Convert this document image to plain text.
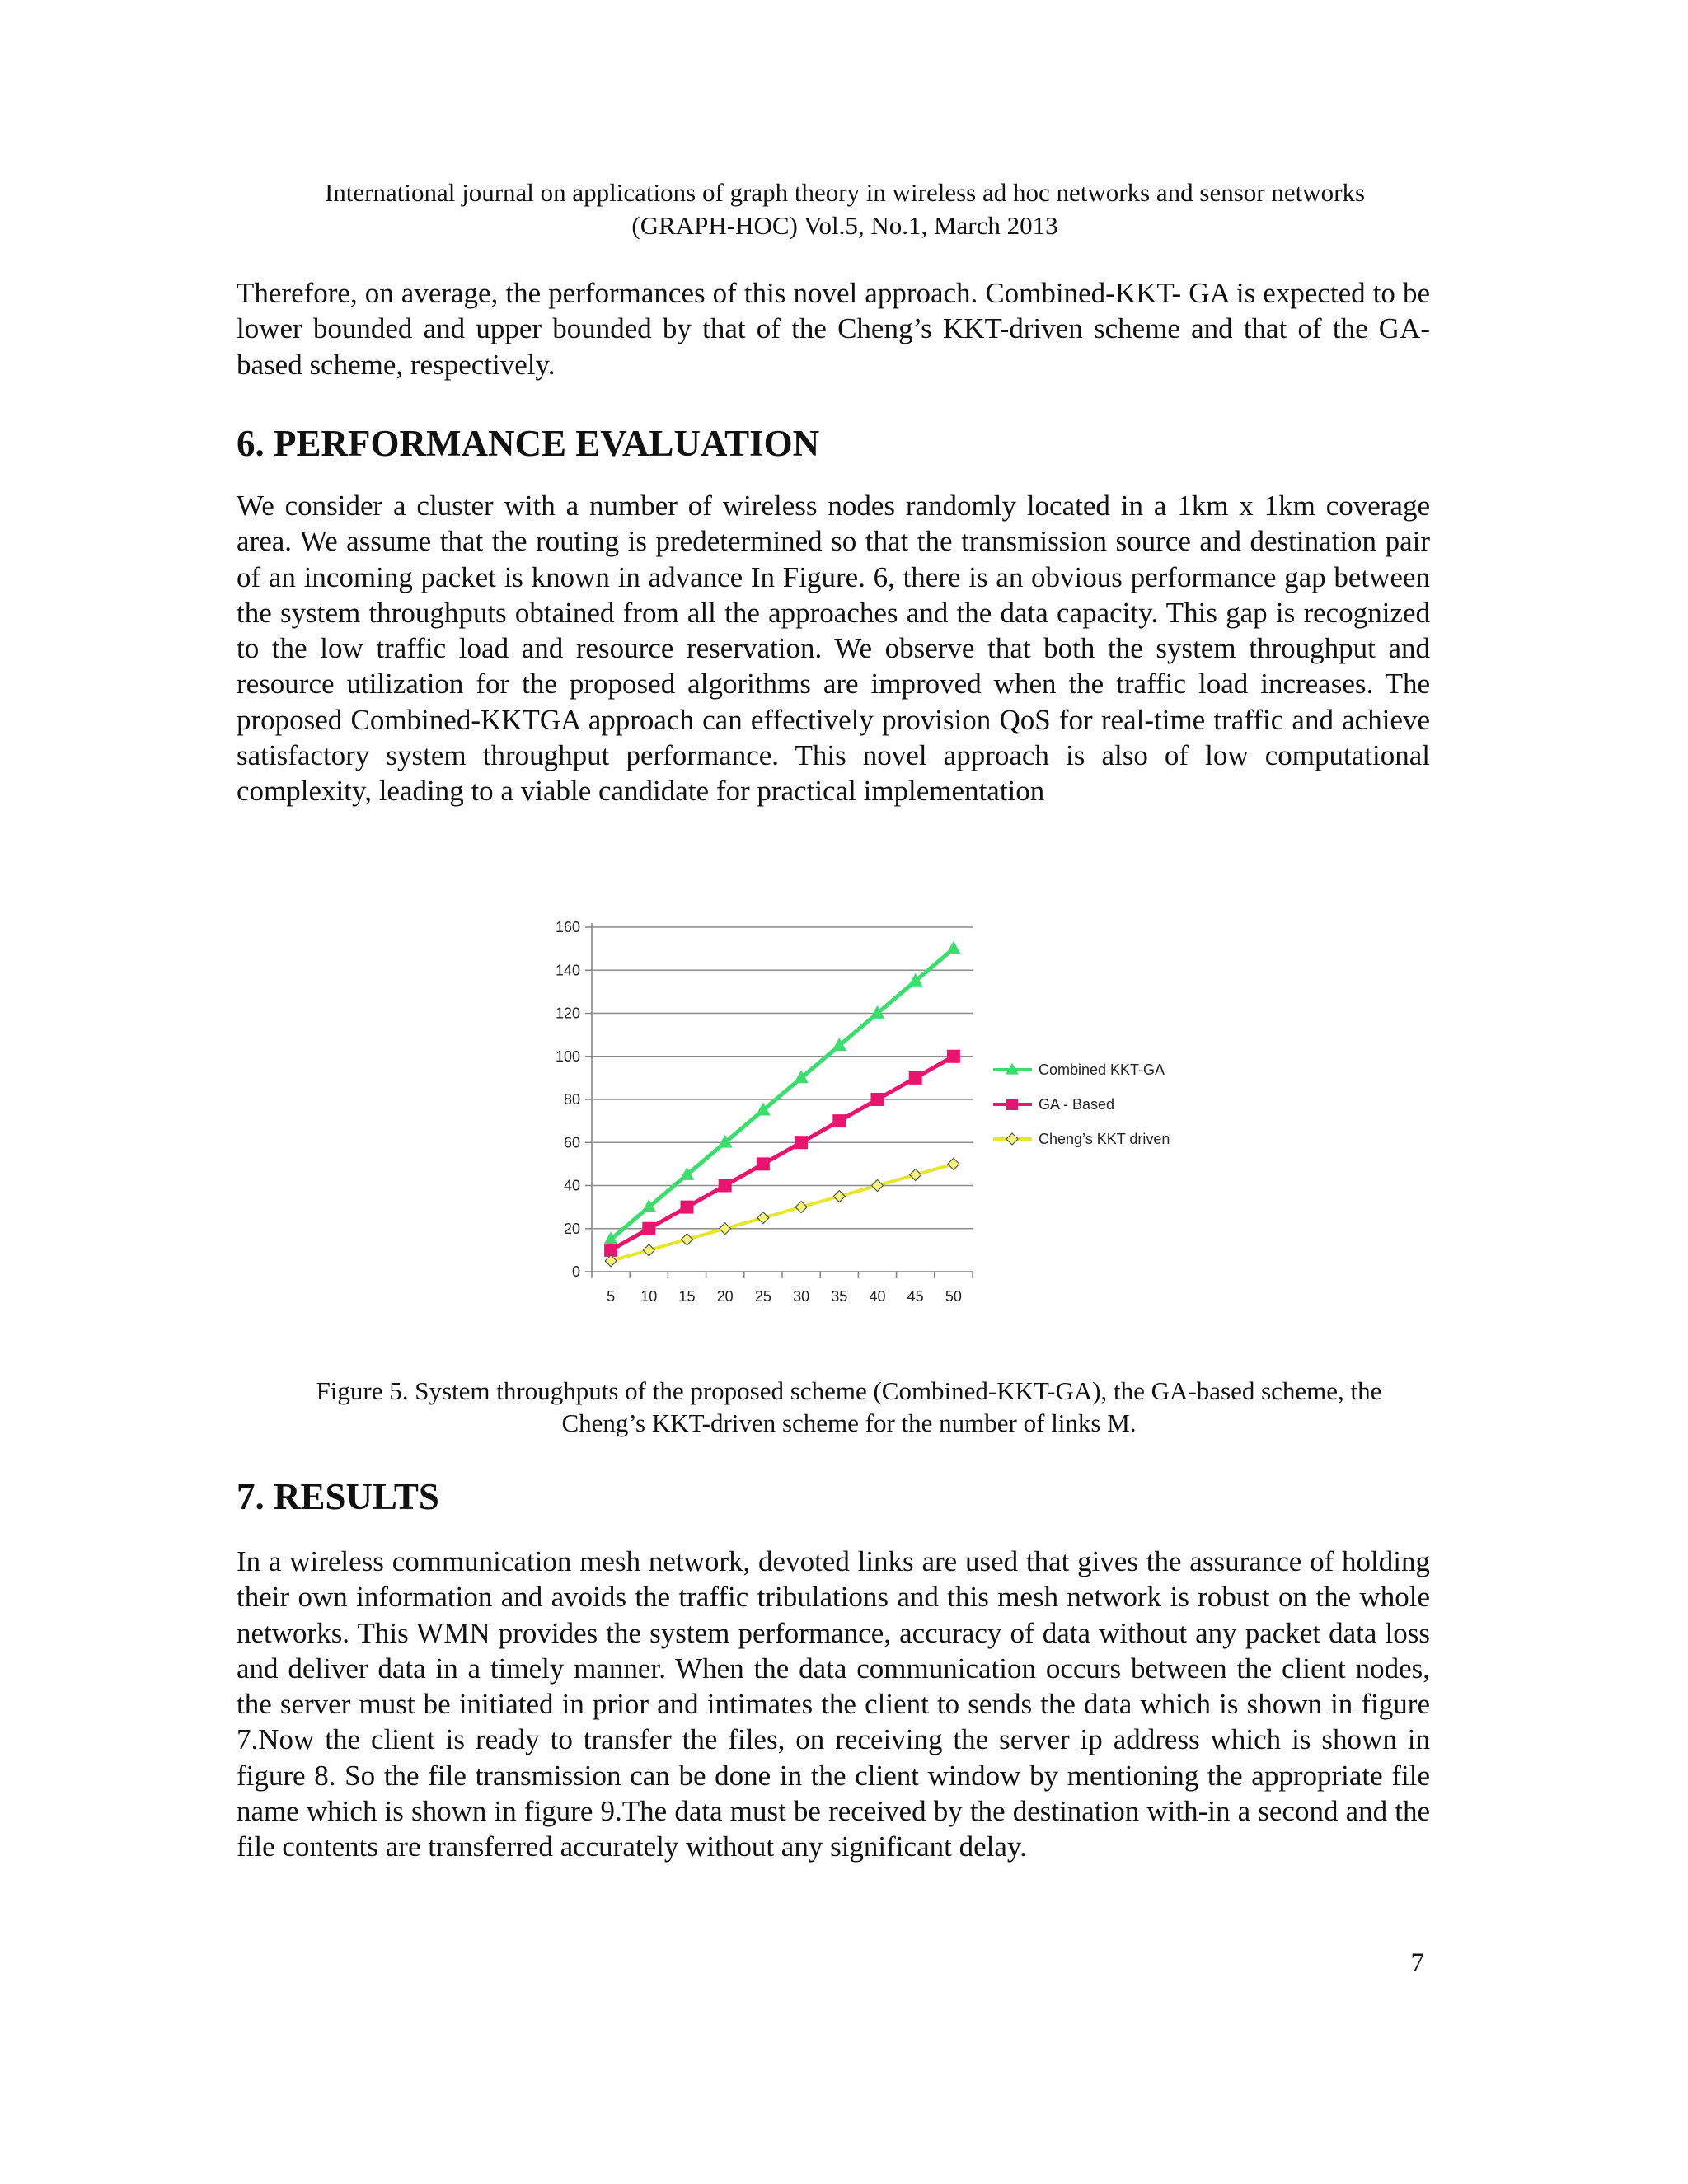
International journal on applications of graph theory in wireless ad hoc networks and sensor networks
(GRAPH-HOC) Vol.5, No.1, March 2013

Therefore, on average, the performances of this novel approach. Combined-KKT- GA is expected to be lower bounded and upper bounded by that of the Cheng’s KKT-driven scheme and that of the GA-based scheme, respectively.

6. PERFORMANCE EVALUATION

We consider a cluster with a number of wireless nodes randomly located in a 1km x 1km coverage area. We assume that the routing is predetermined so that the transmission source and destination pair of an incoming packet is known in advance In Figure. 6, there is an obvious performance gap between the system throughputs obtained from all the approaches and the data capacity. This gap is recognized to the low traffic load and resource reservation. We observe that both the system throughput and resource utilization for the proposed algorithms are improved when the traffic load increases. The proposed Combined-KKTGA approach can effectively provision QoS for real-time traffic and achieve satisfactory system throughput performance. This novel approach is also of low computational complexity, leading to a viable candidate for practical implementation

0
20
40
60
80
100
120
140
160
5 10 15 20 25 30 35 40 45 50
Combined KKT-GA
GA - Based
Cheng’s KKT driven
Figure 5. System throughputs of the proposed scheme (Combined-KKT-GA), the GA-based scheme, the
Cheng’s KKT-driven scheme for the number of links M.
7. RESULTS

In a wireless communication mesh network, devoted links are used that gives the assurance of holding their own information and avoids the traffic tribulations and this mesh network is robust on the whole networks. This WMN provides the system performance, accuracy of data without any packet data loss and deliver data in a timely manner. When the data communication occurs between the client nodes, the server must be initiated in prior and intimates the client to sends the data which is shown in figure 7.Now the client is ready to transfer the files, on receiving the server ip address which is shown in figure 8. So the file transmission can be done in the client window by mentioning the appropriate file name which is shown in figure 9.The data must be received by the destination with-in a second and the file contents are transferred accurately without any significant delay.

7
